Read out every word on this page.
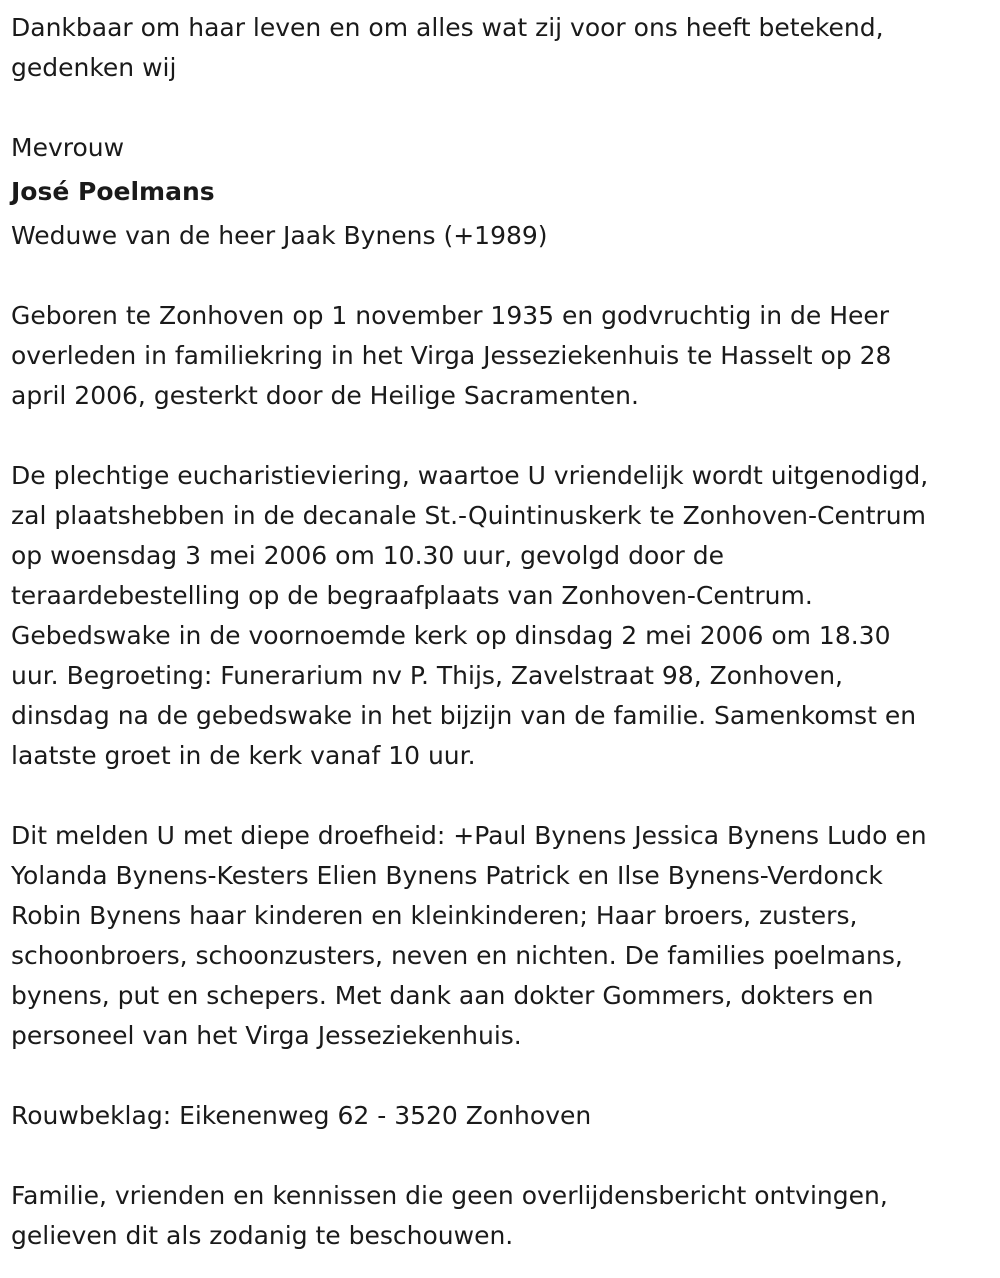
Dankbaar om haar leven en om alles wat zij voor ons heeft betekend,

gedenken wij

Mevrouw

José Poelmans

Weduwe van de heer Jaak Bynens (+1989)

Geboren te Zonhoven op 1 november 1935 en godvruchtig in de Heer

overleden in familiekring in het Virga Jesseziekenhuis te Hasselt op 28

april 2006, gesterkt door de Heilige Sacramenten.

De plechtige eucharistieviering, waartoe U vriendelijk wordt uitgenodigd,

zal plaatshebben in de decanale St.-Quintinuskerk te Zonhoven-Centrum

op woensdag 3 mei 2006 om 10.30 uur, gevolgd door de

teraardebestelling op de begraafplaats van Zonhoven-Centrum.

Gebedswake in de voornoemde kerk op dinsdag 2 mei 2006 om 18.30

uur. Begroeting: Funerarium nv P. Thijs, Zavelstraat 98, Zonhoven,

dinsdag na de gebedswake in het bijzijn van de familie. Samenkomst en

laatste groet in de kerk vanaf 10 uur.

Dit melden U met diepe droefheid: +Paul Bynens Jessica Bynens Ludo en

Yolanda Bynens-Kesters Elien Bynens Patrick en Ilse Bynens-Verdonck

Robin Bynens haar kinderen en kleinkinderen; Haar broers, zusters,

schoonbroers, schoonzusters, neven en nichten. De families poelmans,

bynens, put en schepers. Met dank aan dokter Gommers, dokters en

personeel van het Virga Jesseziekenhuis.

Rouwbeklag: Eikenenweg 62 - 3520 Zonhoven

Familie, vrienden en kennissen die geen overlijdensbericht ontvingen,

gelieven dit als zodanig te beschouwen.
